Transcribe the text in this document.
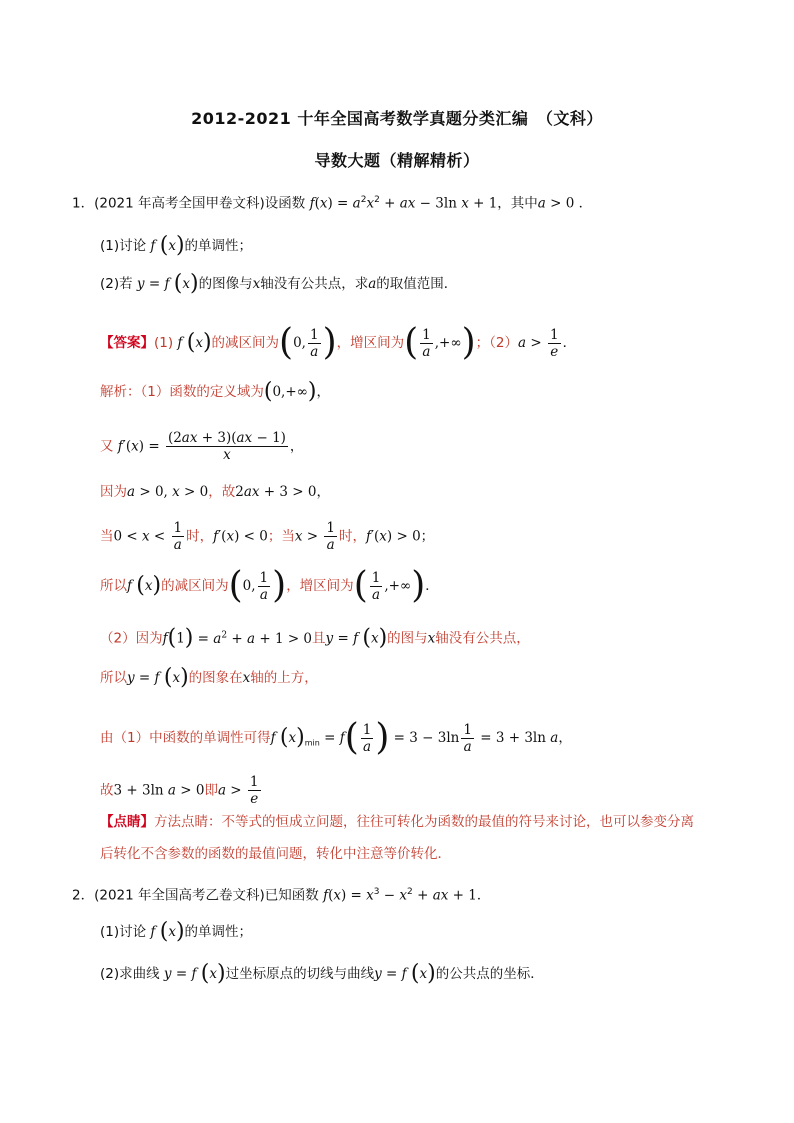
2012-2021 十年全国高考数学真题分类汇编　（文科）
导数大题（精解精析）
1．(2021 年高考全国甲卷文科)设函数 $f(x) = a^2x^2$ + ax − 3ln x + 1，其中a > 0 ．
(1)讨论 f (x)的单调性；
(2)若 y = f (x)的图像与x轴没有公共点，求a的取值范围．
【答案】(1) f (x)的减区间为(0, $\frac{1}{a}$ )，增区间为( $\frac{1}{a}$ ,+∞)；$(2)a > \frac{1}{e}$ ．
解析：（1）函数的定义域为(0,+∞)，
又 $f'(x) = \frac{(2ax + 3)(ax - 1)}{x}$ ，
因为a > 0, x > 0，故2ax + 3 > 0，
当$0 < x < \frac{1}{a}$ 时，f′(x) < 0；当$x > \frac{1}{a}$ 时，f′(x) > 0；
所以f (x)的减区间为(0, $\frac{1}{a}$ )，增区间为( $\frac{1}{a}$ ,+∞)．
（2）因为$f(1) = a^2 + a + 1 > 0$且y = f (x)的图与x轴没有公共点，
所以y = f (x)的图象在x轴的上方，
由（1）中函数的单调性可得f $(x)_{min} = f( \frac{1}{a}$ ) = $3 - 3\ln \frac{1}{a} = 3 + 3\ln$ a，
故3 + 3ln a > 0即$a > \frac{1}{e}$
【点睛】方法点睛：不等式的恒成立问题，往往可转化为函数的最值的符号来讨论，也可以参变分离
后转化不含参数的函数的最值问题，转化中注意等价转化．
2．(2021 年全国高考乙卷文科)已知函数 $f(x) = x^3 - x^2$ + ax + 1．
(1)讨论 f (x)的单调性；
(2)求曲线 y = f (x)过坐标原点的切线与曲线y = f (x)的公共点的坐标．
